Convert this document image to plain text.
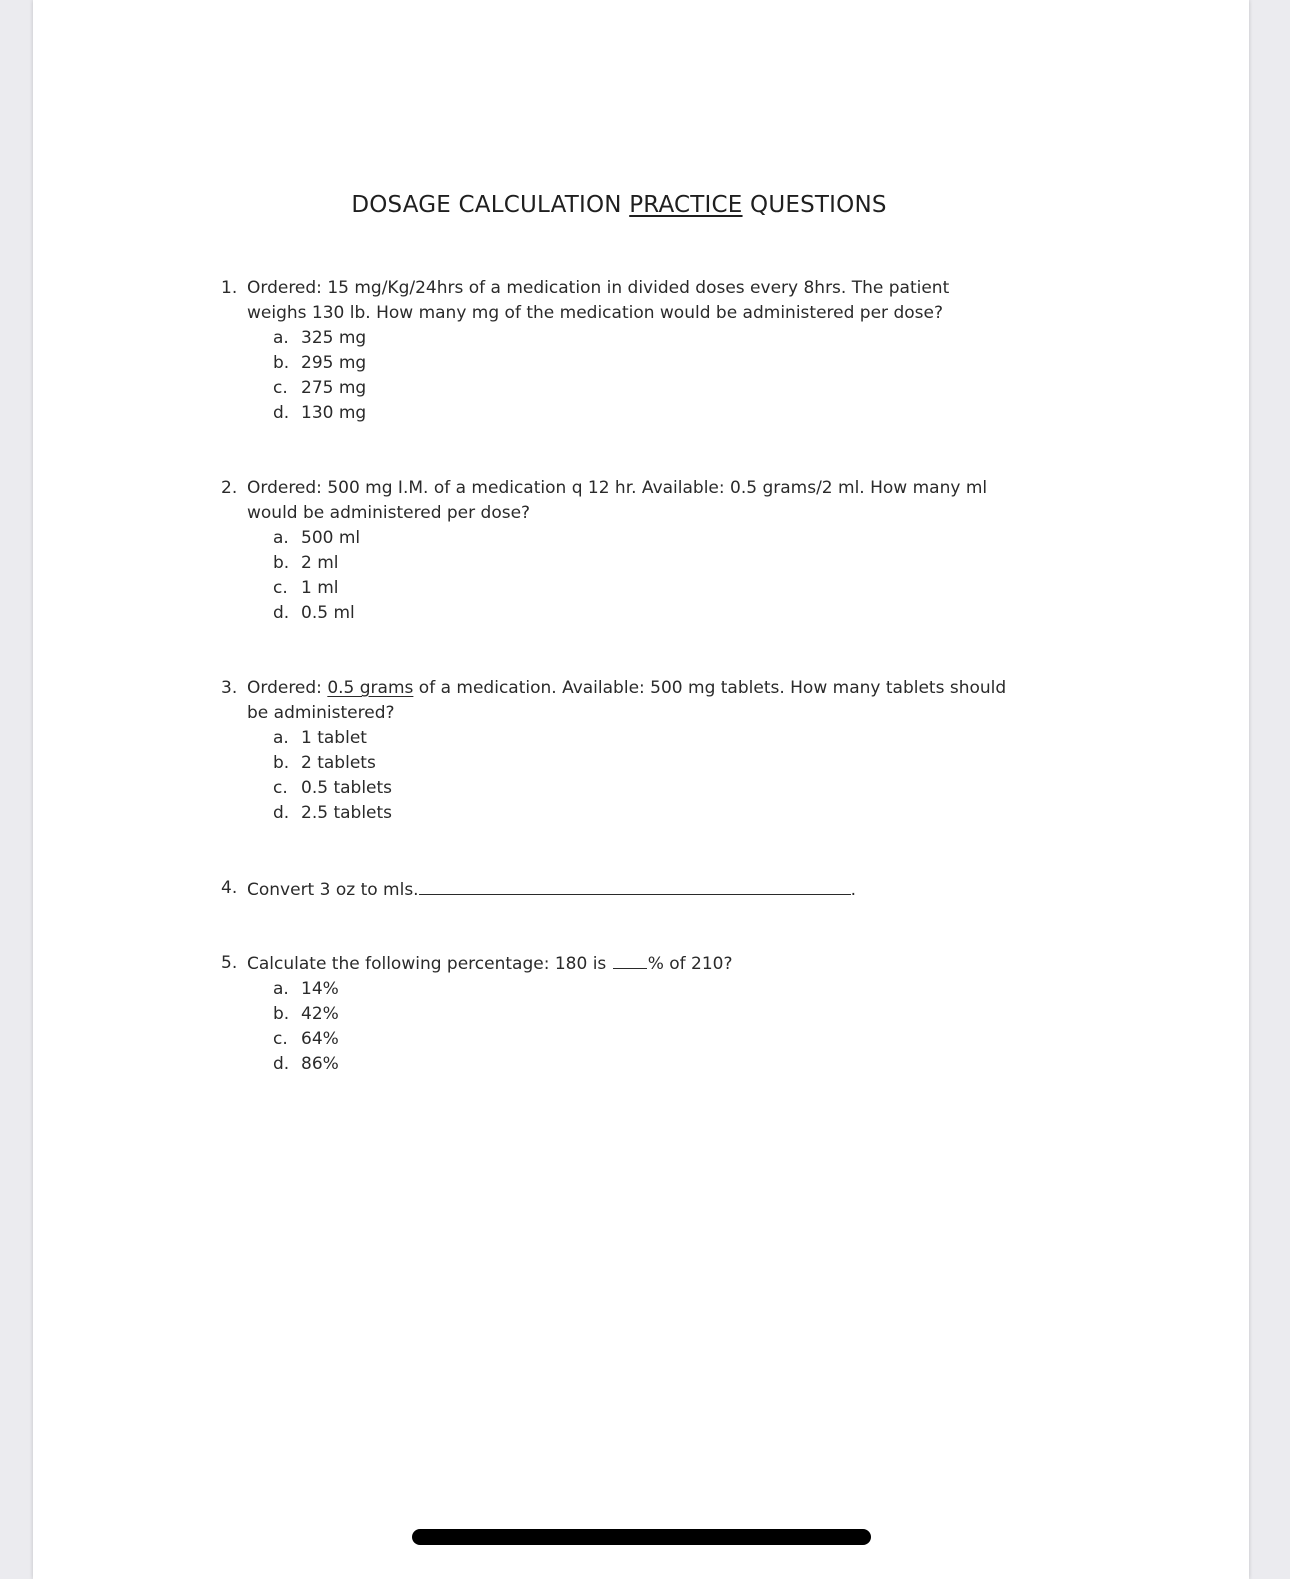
DOSAGE CALCULATION PRACTICE QUESTIONS
1. Ordered: 15 mg/Kg/24hrs of a medication in divided doses every 8hrs. The patient
weighs 130 lb. How many mg of the medication would be administered per dose?
a. 325 mg
b. 295 mg
c. 275 mg
d. 130 mg
2. Ordered: 500 mg I.M. of a medication q 12 hr. Available: 0.5 grams/2 ml. How many ml
would be administered per dose?
a. 500 ml
b. 2 ml
c. 1 ml
d. 0.5 ml
3. Ordered: 0.5 grams of a medication. Available: 500 mg tablets. How many tablets should
be administered?
a. 1 tablet
b. 2 tablets
c. 0.5 tablets
d. 2.5 tablets
4. Convert 3 oz to mls.	.
5. Calculate the following percentage: 180 is % of 210?
a. 14%
b. 42%
c. 64%
d. 86%
